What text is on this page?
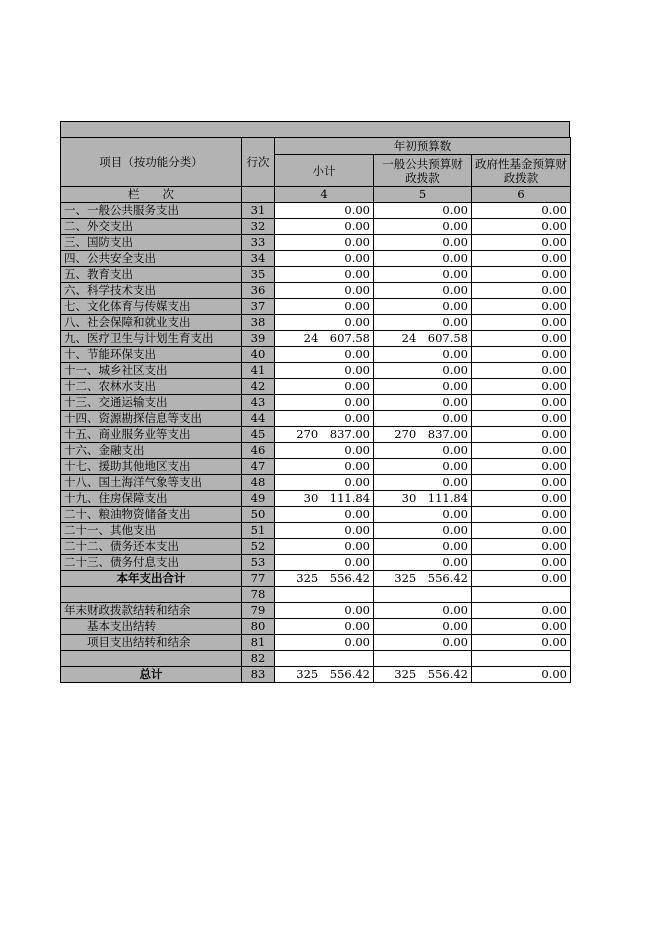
项目（按功能分类）	行次	年初预算数		
		小计	一般公共预算财政拨款	政府性基金预算财政拨款
栏　　次		4	5	6
一、一般公共服务支出	31	0.00	0.00	0.00
二、外交支出	32	0.00	0.00	0.00
三、国防支出	33	0.00	0.00	0.00
四、公共安全支出	34	0.00	0.00	0.00
五、教育支出	35	0.00	0.00	0.00
六、科学技术支出	36	0.00	0.00	0.00
七、文化体育与传媒支出	37	0.00	0.00	0.00
八、社会保障和就业支出	38	0.00	0.00	0.00
九、医疗卫生与计划生育支出	39	24　607.58	24　607.58	0.00
十、节能环保支出	40	0.00	0.00	0.00
十一、城乡社区支出	41	0.00	0.00	0.00
十二、农林水支出	42	0.00	0.00	0.00
十三、交通运输支出	43	0.00	0.00	0.00
十四、资源勘探信息等支出	44	0.00	0.00	0.00
十五、商业服务业等支出	45	270　837.00	270　837.00	0.00
十六、金融支出	46	0.00	0.00	0.00
十七、援助其他地区支出	47	0.00	0.00	0.00
十八、国土海洋气象等支出	48	0.00	0.00	0.00
十九、住房保障支出	49	30　111.84	30　111.84	0.00
二十、粮油物资储备支出	50	0.00	0.00	0.00
二十一、其他支出	51	0.00	0.00	0.00
二十二、债务还本支出	52	0.00	0.00	0.00
二十三、债务付息支出	53	0.00	0.00	0.00
本年支出合计	77	325　556.42	325　556.42	0.00
	78			
年末财政拨款结转和结余	79	0.00	0.00	0.00
基本支出结转	80	0.00	0.00	0.00
项目支出结转和结余	81	0.00	0.00	0.00
	82			
总计	83	325　556.42	325　556.42	0.00
